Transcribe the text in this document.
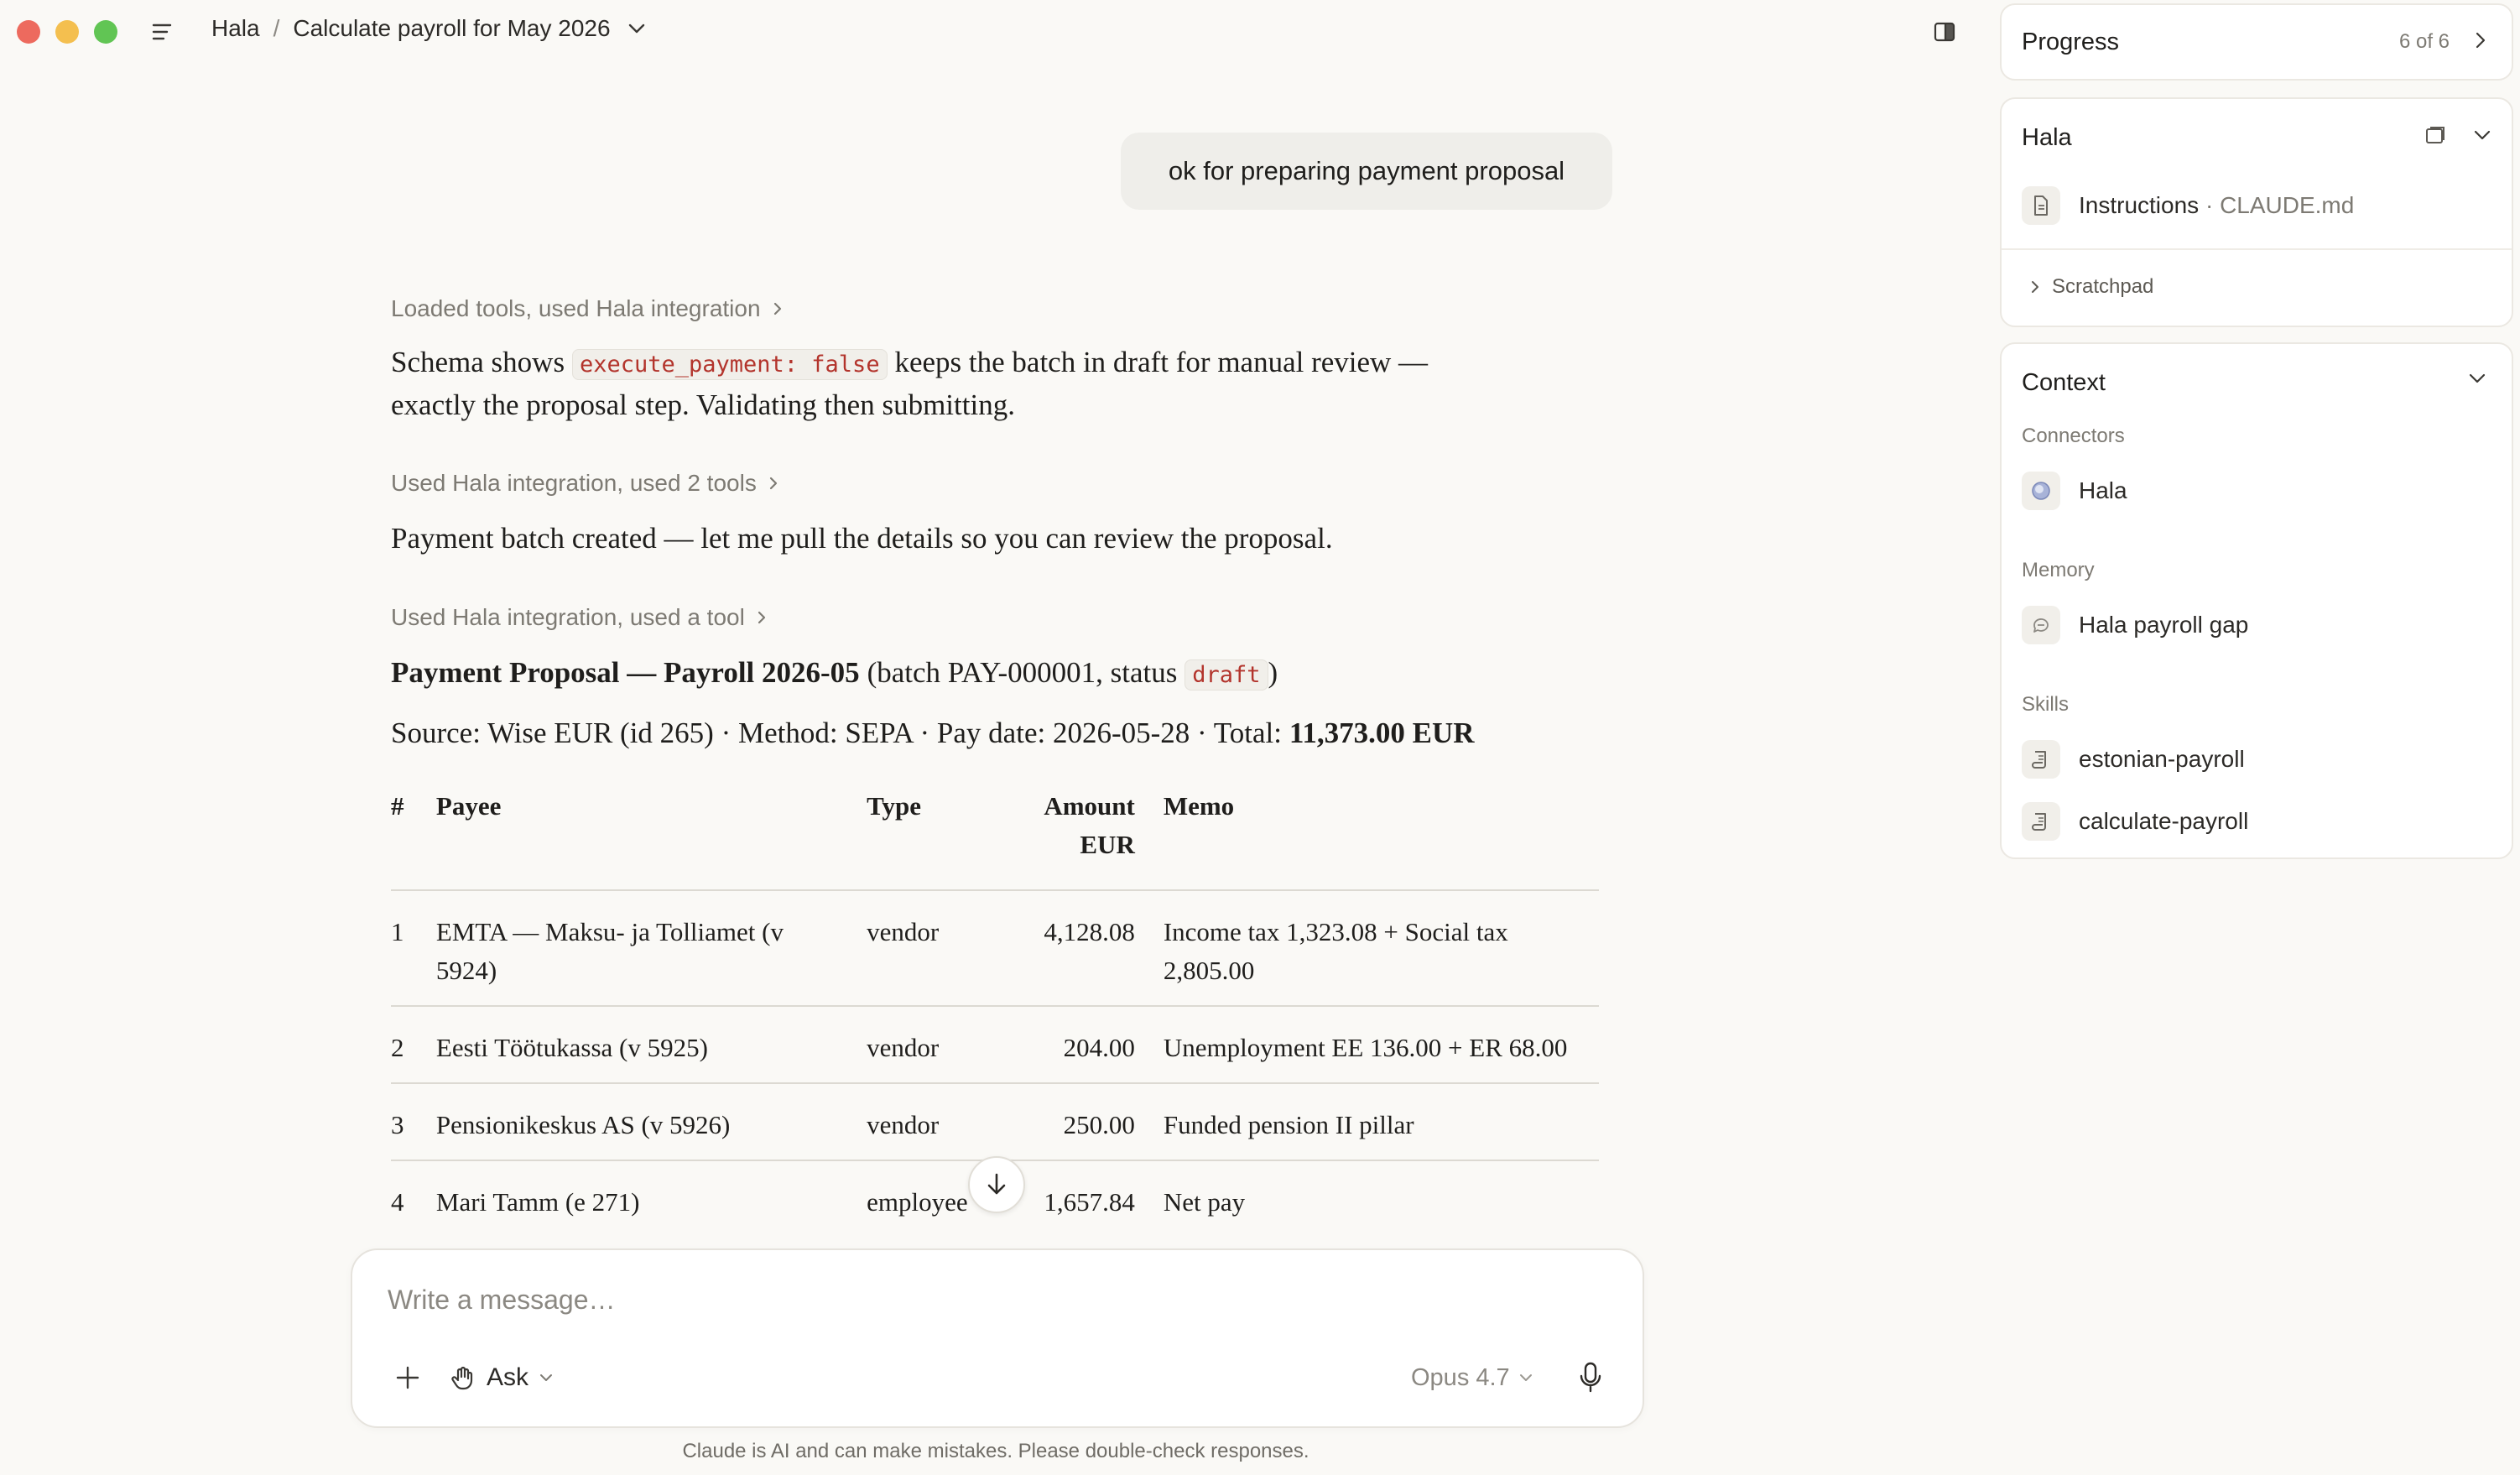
Hala / Calculate payroll for May 2026
ok for preparing payment proposal
Loaded tools, used Hala integration
Schema shows execute_payment: false keeps the batch in draft for manual review —
exactly the proposal step. Validating then submitting.
Used Hala integration, used 2 tools
Payment batch created — let me pull the details so you can review the proposal.
Used Hala integration, used a tool
Payment Proposal — Payroll 2026-05 (batch PAY-000001, status draft )
Source: Wise EUR (id 265) · Method: SEPA · Pay date: 2026-05-28 · Total: 11,373.00 EUR
#	Payee	Type	Amount EUR	Memo
1	EMTA — Maksu- ja Tolliamet (v 5924)	vendor	4,128.08	Income tax 1,323.08 + Social tax 2,805.00
2	Eesti Töötukassa (v 5925)	vendor	204.00	Unemployment EE 136.00 + ER 68.00
3	Pensionikeskus AS (v 5926)	vendor	250.00	Funded pension II pillar
4	Mari Tamm (e 271)	employee	1,657.84	Net pay
Write a message…
Ask	Opus 4.7
Claude is AI and can make mistakes. Please double-check responses.
Progress	6 of 6
Hala
Instructions · CLAUDE.md
Scratchpad
Context
Connectors
Hala
Memory
Hala payroll gap
Skills
estonian-payroll
calculate-payroll
